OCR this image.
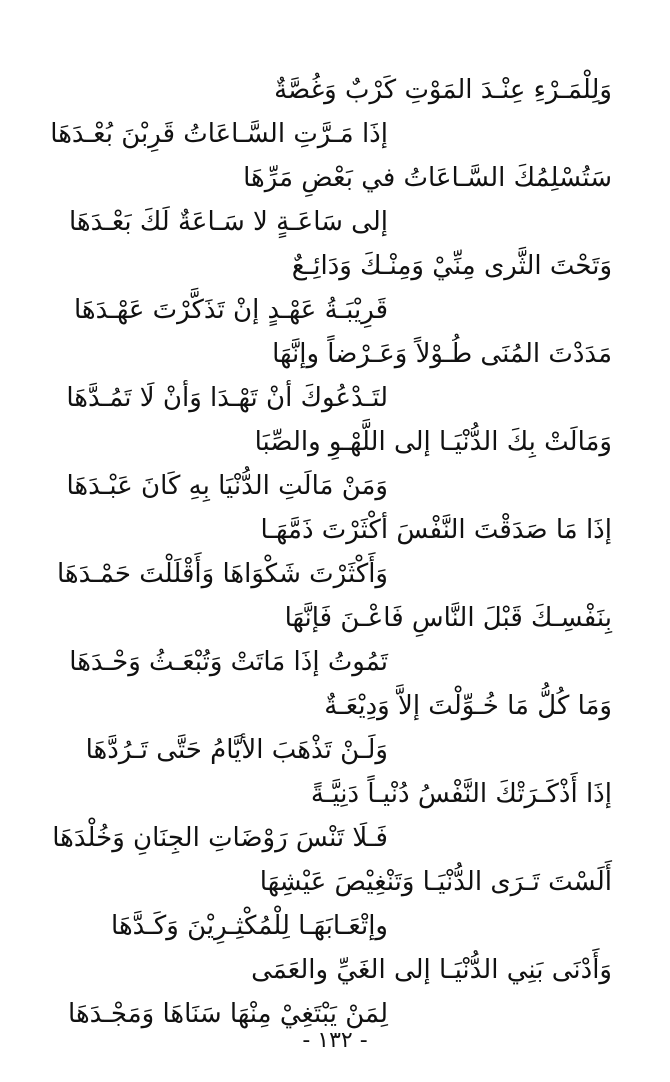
وَلِلْمَـرْءِ عِنْـدَ المَوْتِ كَرْبٌ وَغُصَّةٌ
إذَا مَـرَّتِ السَّـاعَاتُ قَرِبْنَ بُعْـدَهَا
سَتُسْلِمُكَ السَّـاعَاتُ في بَعْضِ مَرِّهَا
إلى سَاعَـةٍ لا سَـاعَةٌ لَكَ بَعْـدَهَا
وَتَحْتَ الثَّرى مِنِّيْ وَمِنْـكَ وَدَائِـعٌ
قَرِيْبَـةُ عَهْـدٍ إنْ تَذَكَّرْتَ عَهْـدَهَا
مَدَدْتَ المُنَى طُـوْلاً وَعَـرْضاً وإنَّهَا
لتَـدْعُوكَ أنْ تَهْـدَا وَأنْ لَا تَمُـدَّهَا
وَمَالَتْ بِكَ الدُّنْيَـا إلى اللَّهْـوِ والصِّبَا
وَمَنْ مَالَتِ الدُّنْيَا بِهِ كَانَ عَبْـدَهَا
إذَا مَا صَدَقْتَ النَّفْسَ أكْثَرْتَ ذَمَّهَـا
وَأَكْثَرْتَ شَكْوَاهَا وَأَقْلَلْتَ حَمْـدَهَا
بِنَفْسِـكَ قَبْلَ النَّاسِ فَاعْـنَ فَإنَّهَا
تَمُوتُ إذَا مَاتَتْ وَتُبْعَـثُ وَحْـدَهَا
وَمَا كُلُّ مَا خُـوِّلْتَ إلاَّ وَدِيْعَـةٌ
وَلَـنْ تَذْهَبَ الأيَّامُ حَتَّى تَـرُدَّهَا
إذَا أَذْكَـرَتْكَ النَّفْسُ دُنْيـاً دَنِيَّـةً
فَـلَا تَنْسَ رَوْضَاتِ الجِنَانِ وَخُلْدَهَا
أَلَسْتَ تَـرَى الدُّنْيَـا وَتَنْغِيْصَ عَيْشِهَا
وإتْعَـابَهَـا لِلْمُكْثِـرِيْنَ وَكَـدَّهَا
وَأَدْنَى بَنِي الدُّنْيَـا إلى الغَيِّ والعَمَى
لِمَنْ يَبْتَغِيْ مِنْهَا سَنَاهَا وَمَجْـدَهَا
- ١٣٢ -
